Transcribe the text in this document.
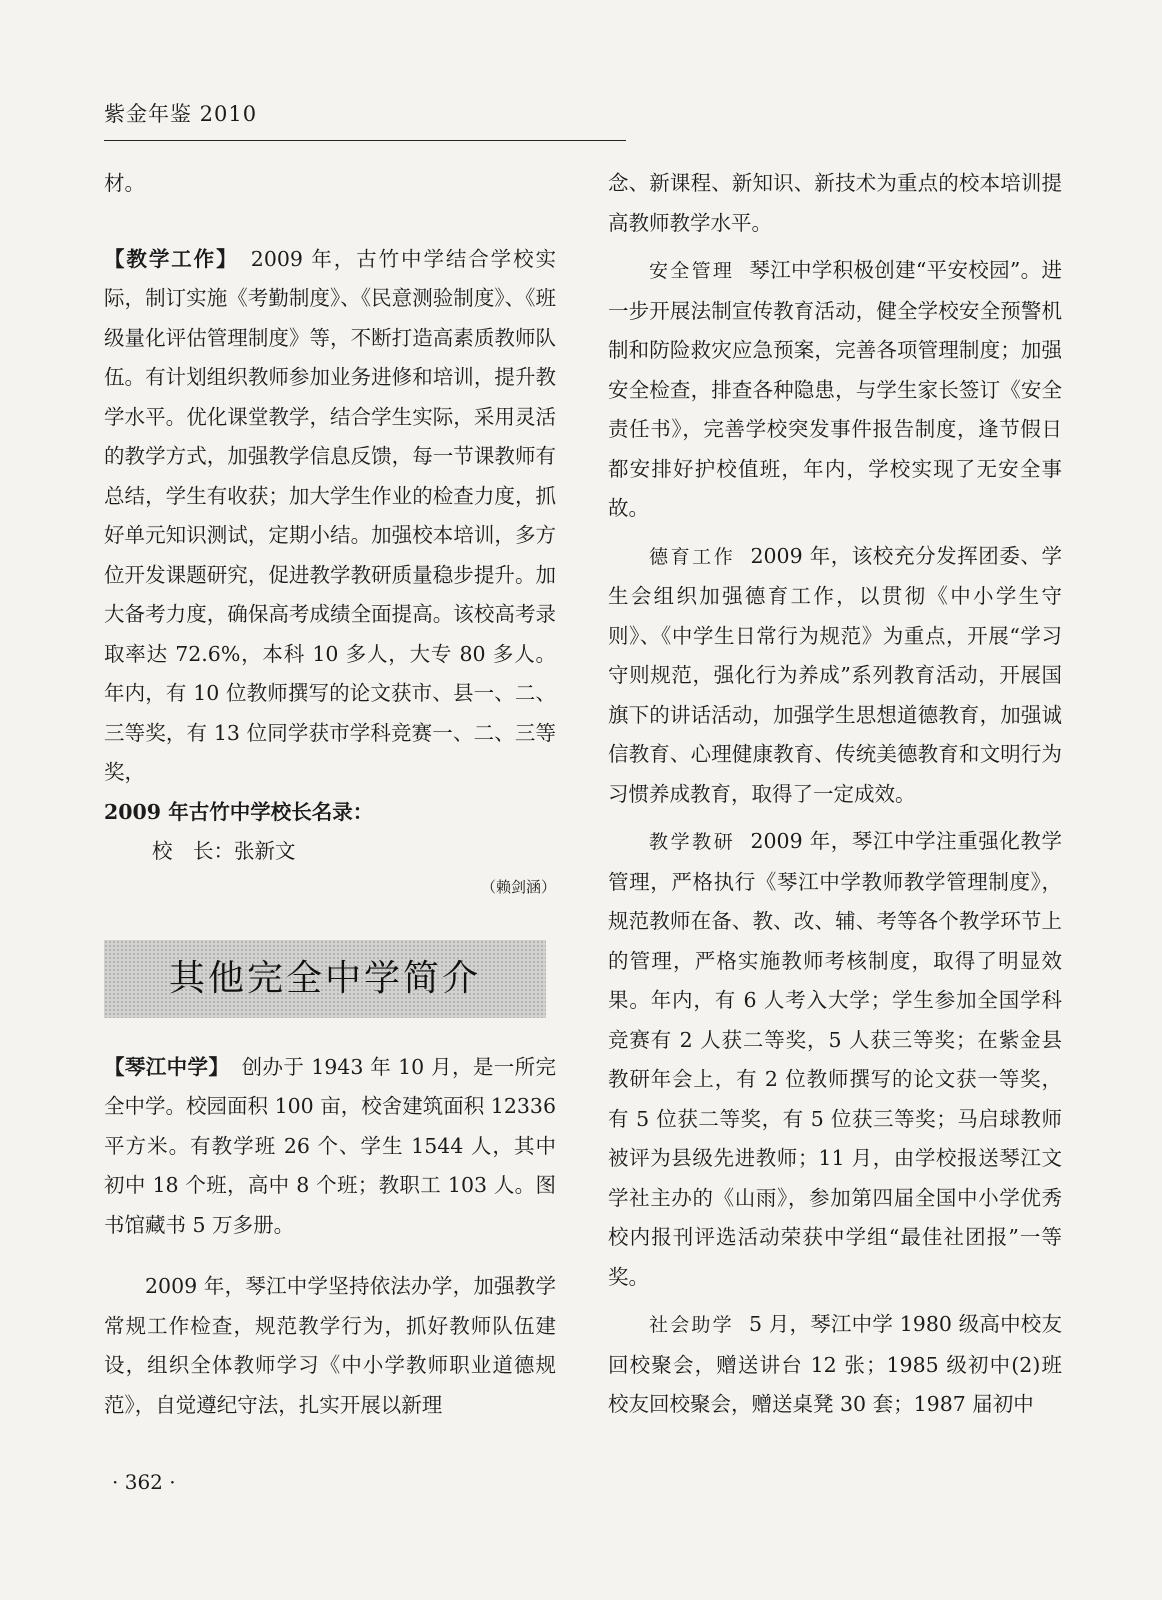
紫金年鉴 2010

材。

【教学工作】 2009 年，古竹中学结合学校实际，制订实施《考勤制度》、《民意测验制度》、《班级量化评估管理制度》等，不断打造高素质教师队伍。有计划组织教师参加业务进修和培训，提升教学水平。优化课堂教学，结合学生实际，采用灵活的教学方式，加强教学信息反馈，每一节课教师有总结，学生有收获；加大学生作业的检查力度，抓好单元知识测试，定期小结。加强校本培训，多方位开发课题研究，促进教学教研质量稳步提升。加大备考力度，确保高考成绩全面提高。该校高考录取率达 72.6%，本科 10 多人，大专 80 多人。年内，有 10 位教师撰写的论文获市、县一、二、三等奖，有 13 位同学获市学科竞赛一、二、三等奖，

2009 年古竹中学校长名录：

校　长：张新文

（赖剑涵）

其他完全中学简介

【琴江中学】 创办于 1943 年 10 月，是一所完全中学。校园面积 100 亩，校舍建筑面积 12336 平方米。有教学班 26 个、学生 1544 人，其中初中 18 个班，高中 8 个班；教职工 103 人。图书馆藏书 5 万多册。

2009 年，琴江中学坚持依法办学，加强教学常规工作检查，规范教学行为，抓好教师队伍建设，组织全体教师学习《中小学教师职业道德规范》，自觉遵纪守法，扎实开展以新理

念、新课程、新知识、新技术为重点的校本培训提高教师教学水平。

安全管理 琴江中学积极创建“平安校园”。进一步开展法制宣传教育活动，健全学校安全预警机制和防险救灾应急预案，完善各项管理制度；加强安全检查，排查各种隐患，与学生家长签订《安全责任书》，完善学校突发事件报告制度，逢节假日都安排好护校值班，年内，学校实现了无安全事故。

德育工作 2009 年，该校充分发挥团委、学生会组织加强德育工作，以贯彻《中小学生守则》、《中学生日常行为规范》为重点，开展“学习守则规范，强化行为养成”系列教育活动，开展国旗下的讲话活动，加强学生思想道德教育，加强诚信教育、心理健康教育、传统美德教育和文明行为习惯养成教育，取得了一定成效。

教学教研 2009 年，琴江中学注重强化教学管理，严格执行《琴江中学教师教学管理制度》，规范教师在备、教、改、辅、考等各个教学环节上的管理，严格实施教师考核制度，取得了明显效果。年内，有 6 人考入大学；学生参加全国学科竞赛有 2 人获二等奖，5 人获三等奖；在紫金县教研年会上，有 2 位教师撰写的论文获一等奖，有 5 位获二等奖，有 5 位获三等奖；马启球教师被评为县级先进教师；11 月，由学校报送琴江文学社主办的《山雨》，参加第四届全国中小学优秀校内报刊评选活动荣获中学组“最佳社团报”一等奖。

社会助学 5 月，琴江中学 1980 级高中校友回校聚会，赠送讲台 12 张；1985 级初中(2)班校友回校聚会，赠送桌凳 30 套；1987 届初中

· 362 ·
